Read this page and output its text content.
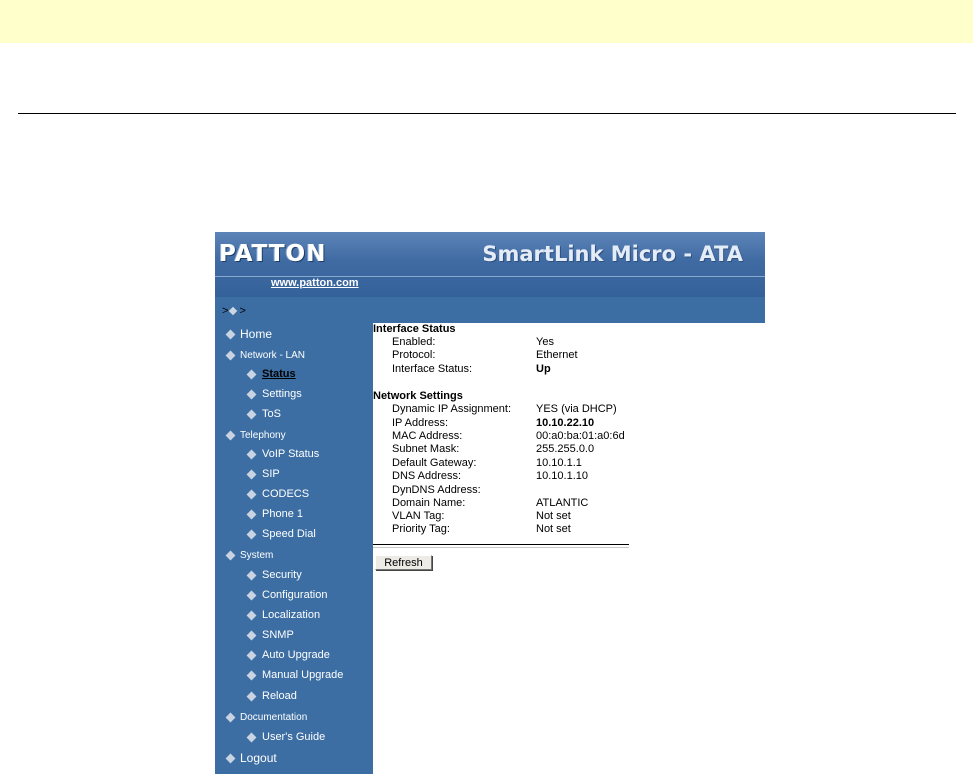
PATTON	SmartLink Micro - ATA
www.patton.com
> >
Home
Network - LAN
Status
Settings
ToS
Telephony
VoIP Status
SIP
CODECS
Phone 1
Speed Dial
System
Security
Configuration
Localization
SNMP
Auto Upgrade
Manual Upgrade
Reload
Documentation
User's Guide
Logout
Interface Status
Enabled:	Yes
Protocol:	Ethernet
Interface Status:	Up
Network Settings
Dynamic IP Assignment:	YES (via DHCP)
IP Address:	10.10.22.10
MAC Address:	00:a0:ba:01:a0:6d
Subnet Mask:	255.255.0.0
Default Gateway:	10.10.1.1
DNS Address:	10.10.1.10
DynDNS Address:
Domain Name:	ATLANTIC
VLAN Tag:	Not set
Priority Tag:	Not set
Refresh
